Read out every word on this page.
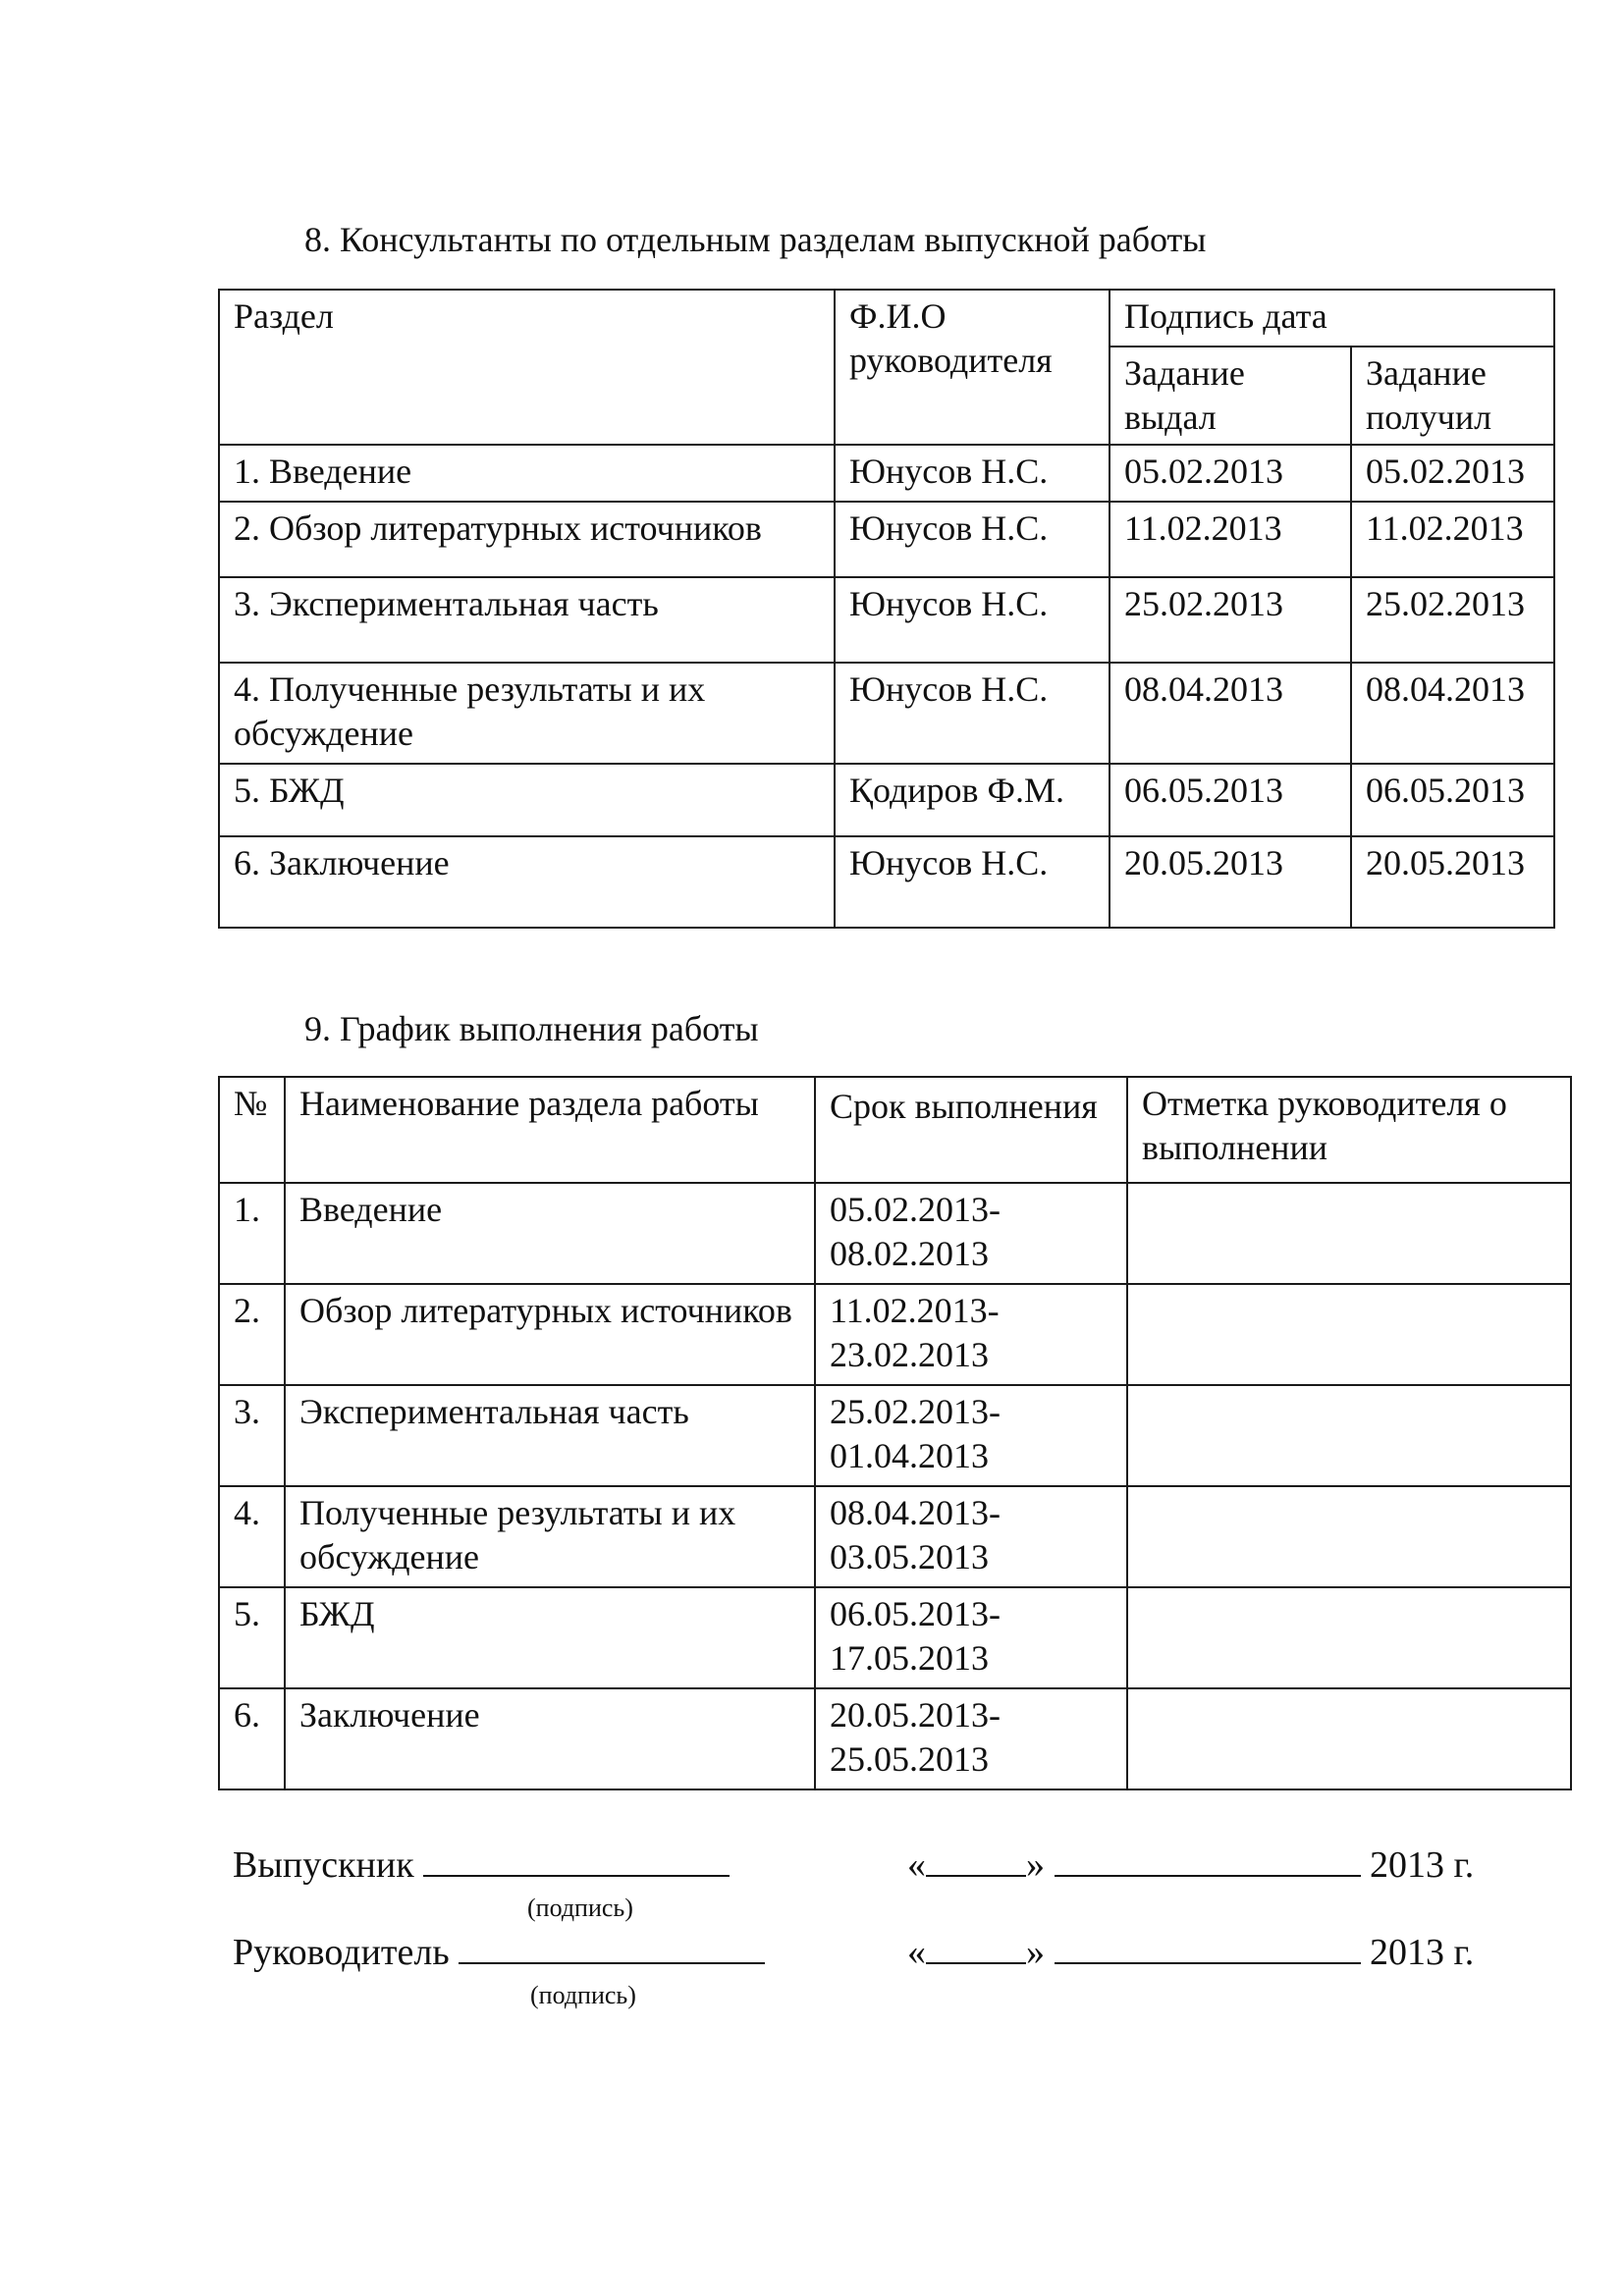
8. Консультанты по отдельным разделам выпускной работы
Раздел	Ф.И.О руководителя	Подпись дата	
		Задание выдал	Задание получил
1. Введение	Юнусов Н.С.	05.02.2013	05.02.2013
2. Обзор литературных источников	Юнусов Н.С.	11.02.2013	11.02.2013
3. Экспериментальная часть	Юнусов Н.С.	25.02.2013	25.02.2013
4. Полученные результаты и их обсуждение	Юнусов Н.С.	08.04.2013	08.04.2013
5. БЖД	Қодиров Ф.М.	06.05.2013	06.05.2013
6. Заключение	Юнусов Н.С.	20.05.2013	20.05.2013
9. График выполнения работы
№	Наименование раздела работы	Срок выполнения	Отметка руководителя о выполнении
1.	Введение	05.02.2013-
08.02.2013	

2.	Обзор литературных источников	11.02.2013-
23.02.2013	

3.	Экспериментальная часть	25.02.2013-
01.04.2013	

4.	Полученные результаты и их обсуждение	08.04.2013-
03.05.2013	

5.	БЖД	06.05.2013-
17.05.2013	

6.	Заключение	20.05.2013-
25.05.2013	

Выпускник
(подпись)
«	»	2013 г.
Руководитель
(подпись)
«	»	2013 г.
